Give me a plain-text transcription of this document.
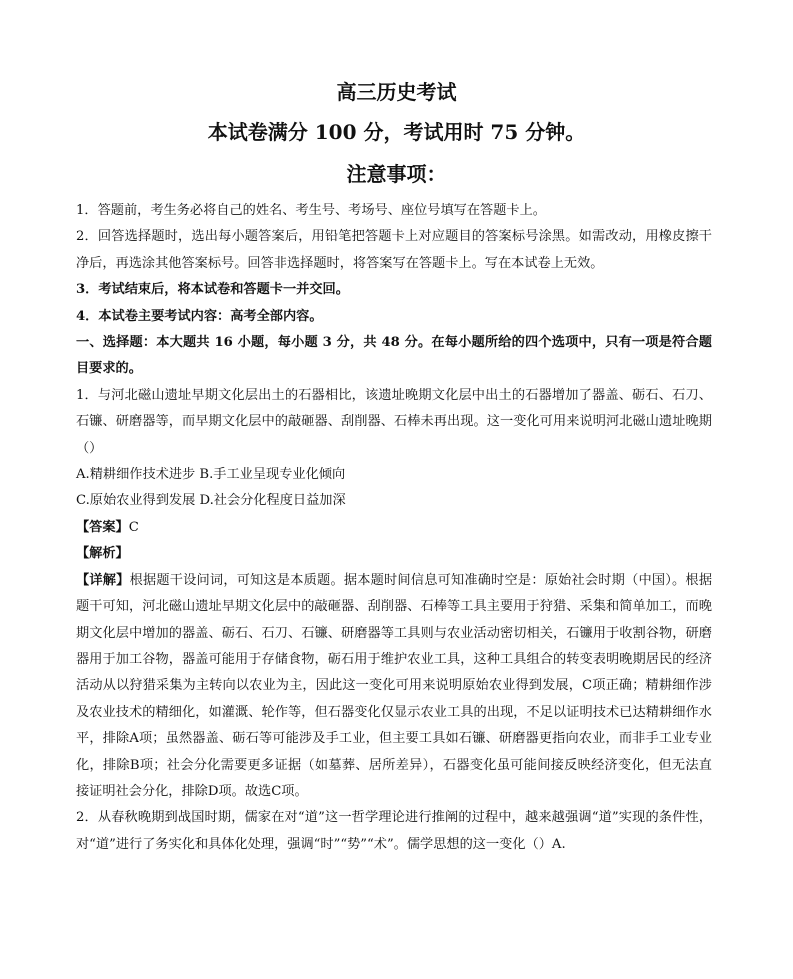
高三历史考试
本试卷满分 100 分，考试用时 75 分钟。
注意事项：

1．答题前，考生务必将自己的姓名、考生号、考场号、座位号填写在答题卡上。

2．回答选择题时，选出每小题答案后，用铅笔把答题卡上对应题目的答案标号涂黑。如需改动，用橡皮擦干净后，再选涂其他答案标号。回答非选择题时，将答案写在答题卡上。写在本试卷上无效。

3．考试结束后，将本试卷和答题卡一并交回。

4．本试卷主要考试内容：高考全部内容。

一、选择题：本大题共 16 小题，每小题 3 分，共 48 分。在每小题所给的四个选项中，只有一项是符合题目要求的。

1．与河北磁山遗址早期文化层出土的石器相比，该遗址晚期文化层中出土的石器增加了器盖、砺石、石刀、石镰、研磨器等，而早期文化层中的敲砸器、刮削器、石棒未再出现。这一变化可用来说明河北磁山遗址晚期（）

A.精耕细作技术进步 B.手工业呈现专业化倾向

C.原始农业得到发展 D.社会分化程度日益加深

【答案】C

【解析】

【详解】根据题干设问词，可知这是本质题。据本题时间信息可知准确时空是：原始社会时期（中国）。根据题干可知，河北磁山遗址早期文化层中的敲砸器、刮削器、石棒等工具主要用于狩猎、采集和简单加工，而晚期文化层中增加的器盖、砺石、石刀、石镰、研磨器等工具则与农业活动密切相关，石镰用于收割谷物，研磨器用于加工谷物，器盖可能用于存储食物，砺石用于维护农业工具，这种工具组合的转变表明晚期居民的经济活动从以狩猎采集为主转向以农业为主，因此这一变化可用来说明原始农业得到发展，C项正确；精耕细作涉及农业技术的精细化，如灌溉、轮作等，但石器变化仅显示农业工具的出现，不足以证明技术已达精耕细作水平，排除A项；虽然器盖、砺石等可能涉及手工业，但主要工具如石镰、研磨器更指向农业，而非手工业专业化，排除B项；社会分化需要更多证据（如墓葬、居所差异），石器变化虽可能间接反映经济变化，但无法直接证明社会分化，排除D项。故选C项。

2．从春秋晚期到战国时期，儒家在对“道”这一哲学理论进行推阐的过程中，越来越强调“道”实现的条件性，对“道”进行了务实化和具体化处理，强调“时”“势”“术”。儒学思想的这一变化（）A.
